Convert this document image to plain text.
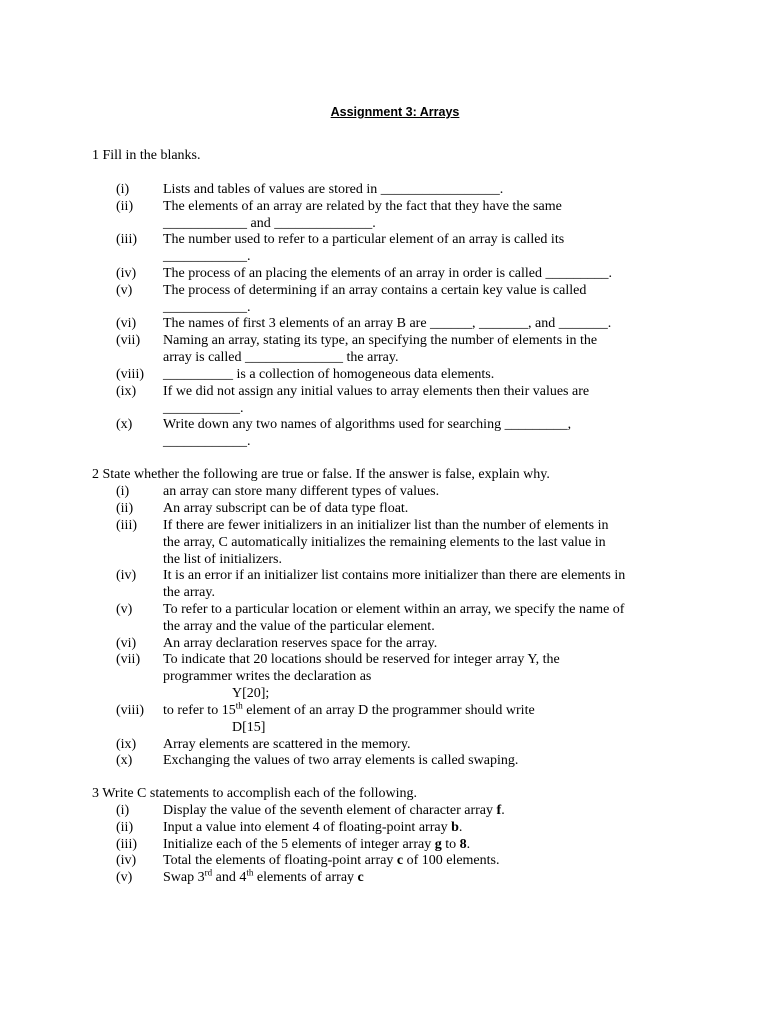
Assignment 3: Arrays
1 Fill in the blanks.
(i) Lists and tables of values are stored in _________________.
(ii) The elements of an array are related by the fact that they have the same
____________ and ______________.
(iii) The number used to refer to a particular element of an array is called its
____________.
(iv) The process of an placing the elements of an array in order is called _________.
(v) The process of determining if an array contains a certain key value is called
____________.
(vi) The names of first 3 elements of an array B are ______, _______, and _______.
(vii) Naming an array, stating its type, an specifying the number of elements in the
array is called ______________ the array.
(viii) __________ is a collection of homogeneous data elements.
(ix) If we did not assign any initial values to array elements then their values are
___________.
(x) Write down any two names of algorithms used for searching _________,
____________.
2 State whether the following are true or false. If the answer is false, explain why.
(i) an array can store many different types of values.
(ii) An array subscript can be of data type float.
(iii) If there are fewer initializers in an initializer list than the number of elements in
the array, C automatically initializes the remaining elements to the last value in
the list of initializers.
(iv) It is an error if an initializer list contains more initializer than there are elements in
the array.
(v) To refer to a particular location or element within an array, we specify the name of
the array and the value of the particular element.
(vi) An array declaration reserves space for the array.
(vii) To indicate that 20 locations should be reserved for integer array Y, the
programmer writes the declaration as
Y[20];
(viii) to refer to 15th element of an array D the programmer should write
D[15]
(ix) Array elements are scattered in the memory.
(x) Exchanging the values of two array elements is called swaping.
3 Write C statements to accomplish each of the following.
(i) Display the value of the seventh element of character array f.
(ii) Input a value into element 4 of floating-point array b.
(iii) Initialize each of the 5 elements of integer array g to 8.
(iv) Total the elements of floating-point array c of 100 elements.
(v) Swap 3rd and 4th elements of array c
